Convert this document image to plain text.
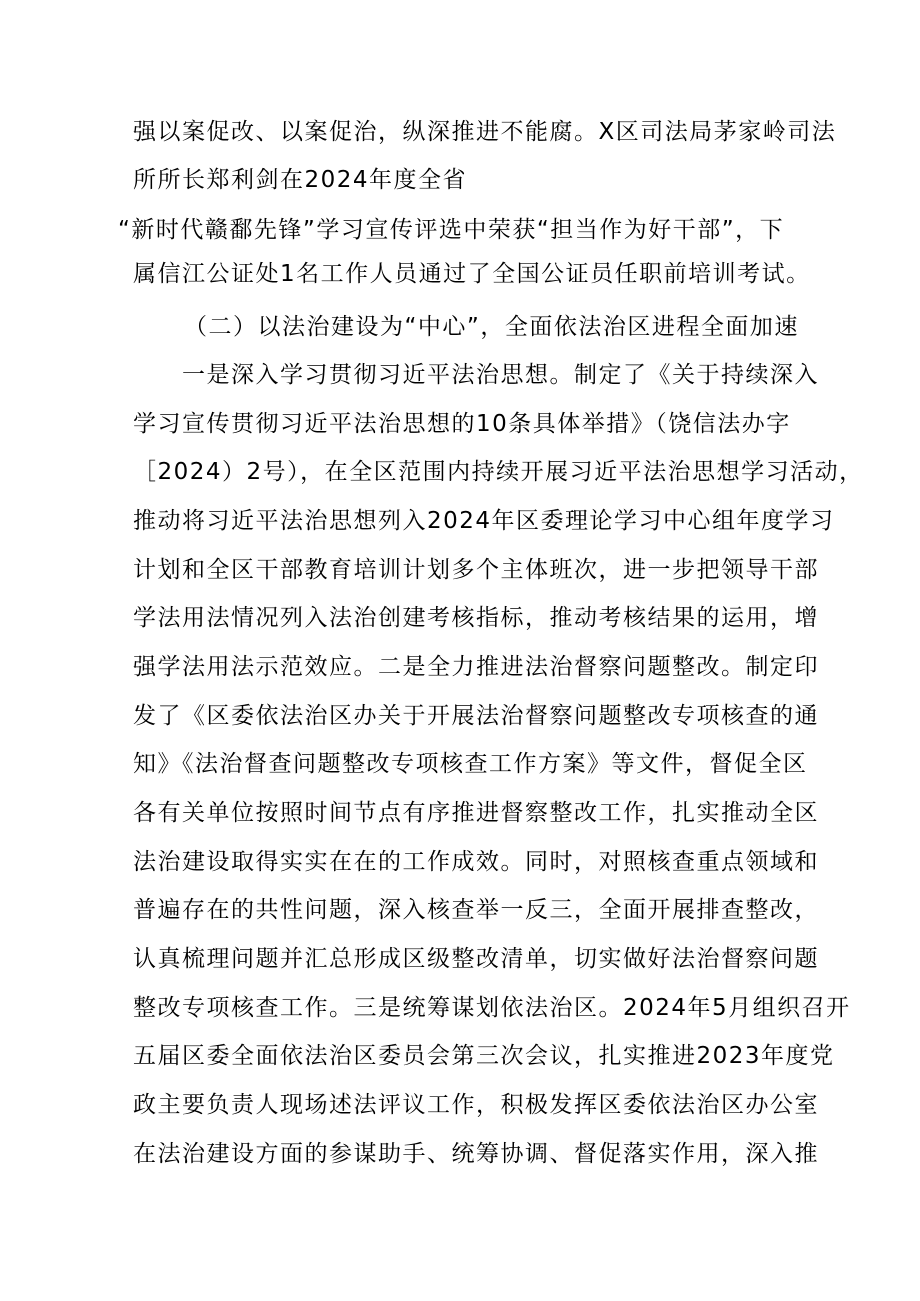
强以案促改、以案促治，纵深推进不能腐。X区司法局茅家岭司法
所所长郑利剑在2024年度全省
“新时代赣鄱先锋”学习宣传评选中荣获“担当作为好干部”，下
属信江公证处1名工作人员通过了全国公证员任职前培训考试。
（二）以法治建设为“中心”，全面依法治区进程全面加速
一是深入学习贯彻习近平法治思想。制定了《关于持续深入
学习宣传贯彻习近平法治思想的10条具体举措》（饶信法办字
［2024）2号），在全区范围内持续开展习近平法治思想学习活动，
推动将习近平法治思想列入2024年区委理论学习中心组年度学习
计划和全区干部教育培训计划多个主体班次，进一步把领导干部
学法用法情况列入法治创建考核指标，推动考核结果的运用，增
强学法用法示范效应。二是全力推进法治督察问题整改。制定印
发了《区委依法治区办关于开展法治督察问题整改专项核查的通
知》《法治督查问题整改专项核查工作方案》等文件，督促全区
各有关单位按照时间节点有序推进督察整改工作，扎实推动全区
法治建设取得实实在在的工作成效。同时，对照核查重点领域和
普遍存在的共性问题，深入核查举一反三，全面开展排查整改，
认真梳理问题并汇总形成区级整改清单，切实做好法治督察问题
整改专项核查工作。三是统筹谋划依法治区。2024年5月组织召开
五届区委全面依法治区委员会第三次会议，扎实推进2023年度党
政主要负责人现场述法评议工作，积极发挥区委依法治区办公室
在法治建设方面的参谋助手、统筹协调、督促落实作用，深入推
